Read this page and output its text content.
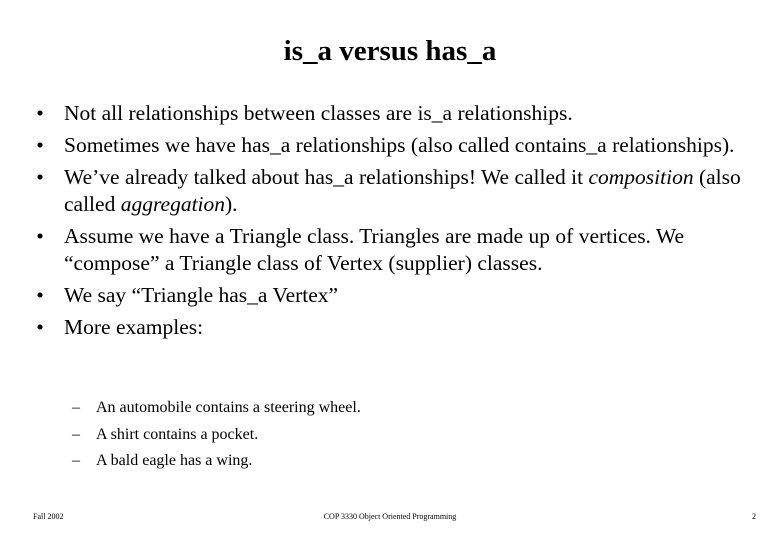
is_a versus has_a
• Not all relationships between classes are is_a relationships.
• Sometimes we have has_a relationships (also called contains_a relationships).
• We’ve already talked about has_a relationships! We called it composition (also called aggregation).
• Assume we have a Triangle class. Triangles are made up of vertices. We “compose” a Triangle class of Vertex (supplier) classes.
• We say “Triangle has_a Vertex”
• More examples:
– An automobile contains a steering wheel.
– A shirt contains a pocket.
– A bald eagle has a wing.
Fall 2002	COP 3330 Object Oriented Programming	2
